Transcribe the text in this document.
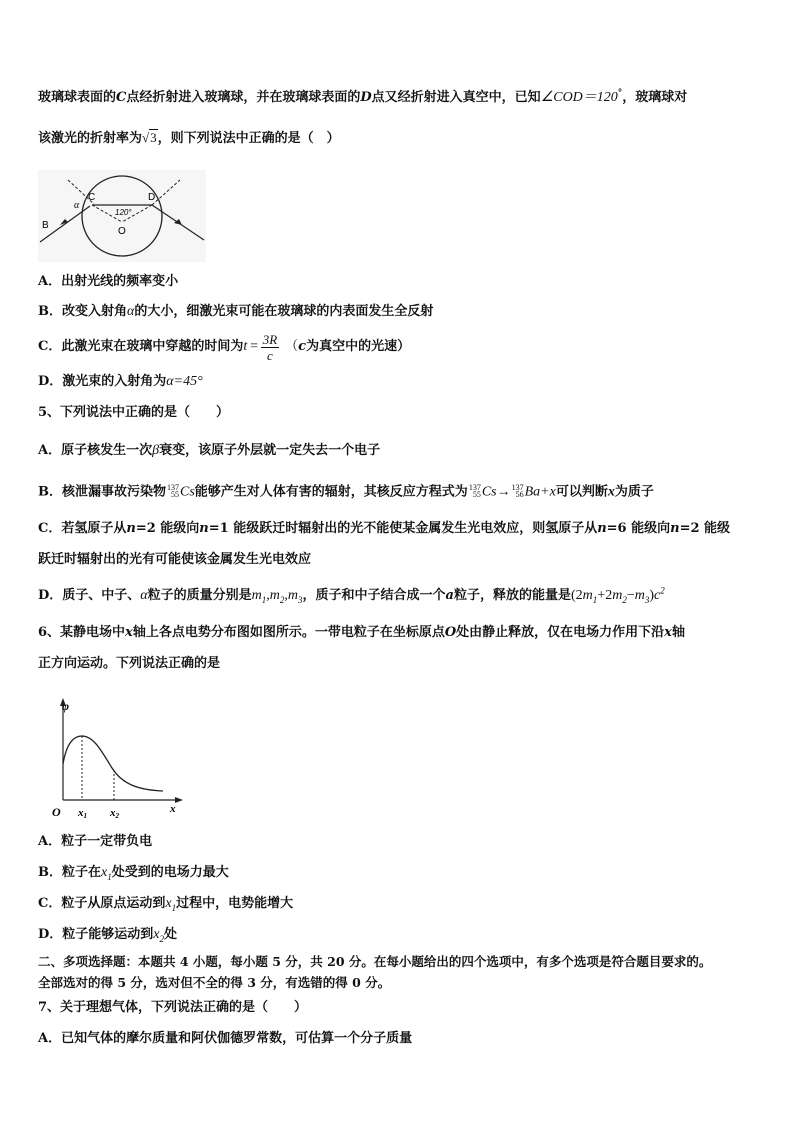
玻璃球表面的C点经折射进入玻璃球，并在玻璃球表面的D点又经折射进入真空中，已知∠COD＝120°，玻璃球对
该激光的折射率为√3，则下列说法中正确的是（　）
B
α
C	D
O
120°
A．出射光线的频率变小
B．改变入射角α的大小，细激光束可能在玻璃球的内表面发生全反射
C．此激光束在玻璃中穿越的时间为 $t = \frac{3R}{c}$ （ c 为真空中的光速）
D．激光束的入射角为α=45°
5、下列说法中正确的是（　　）
A．原子核发生一次β衰变，该原子外层就一定失去一个电子
B．核泄漏事故污染物 137
55 Cs能够产生对人体有害的辐射，其核反应方程式为 137
55 Cs→ 137
56 Ba+x可以判断x为质子
C．若氢原子从n=2 能级向n=1 能级跃迁时辐射出的光不能使某金属发生光电效应，则氢原子从n=6 能级向n=2 能级
跃迁时辐射出的光有可能使该金属发生光电效应
D．质子、中子、α粒子的质量分别是$m_1,m_2,m_3$，质子和中子结合成一个a粒子，释放的能量是$(2m_1+2m_2-m_3)c^2$
6、某静电场中x轴上各点电势分布图如图所示。一带电粒子在坐标原点O处由静止释放，仅在电场力作用下沿x轴
正方向运动。下列说法正确的是
φ
O x1 x2
x
A．粒子一定带负电
B．粒子在$x_1$处受到的电场力最大
C．粒子从原点运动到$x_1$过程中，电势能增大
D．粒子能够运动到$x_2$处
二、多项选择题：本题共 4 小题，每小题 5 分，共 20 分。在每小题给出的四个选项中，有多个选项是符合题目要求的。
全部选对的得 5 分，选对但不全的得 3 分，有选错的得 0 分。
7、关于理想气体，下列说法正确的是（　　）
A．已知气体的摩尔质量和阿伏伽德罗常数，可估算一个分子质量
